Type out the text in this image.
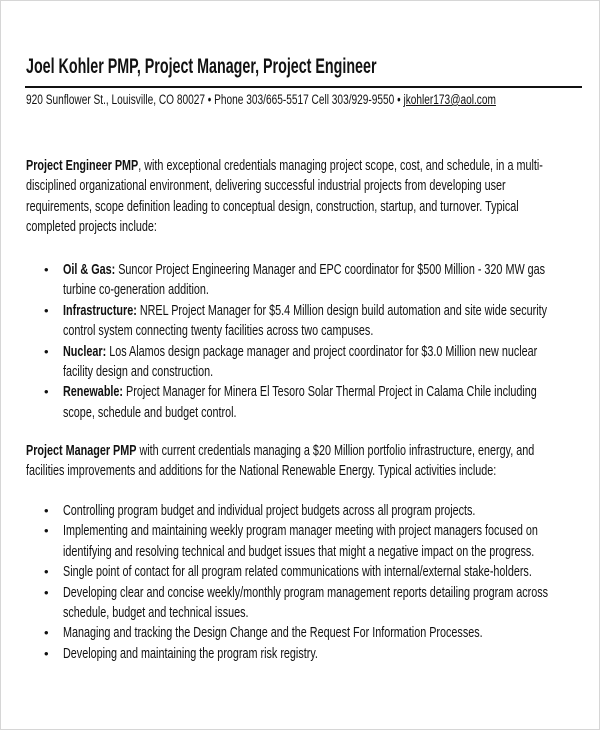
Joel Kohler PMP, Project Manager, Project Engineer
920 Sunflower St., Louisville, CO 80027 • Phone 303/665-5517 Cell 303/929-9550 • jkohler173@aol.com
Project Engineer PMP, with exceptional credentials managing project scope, cost, and schedule, in a multi-
disciplined organizational environment, delivering successful industrial projects from developing user
requirements, scope definition leading to conceptual design, construction, startup, and turnover. Typical
completed projects include:
• Oil & Gas: Suncor Project Engineering Manager and EPC coordinator for $500 Million - 320 MW gas
turbine co-generation addition.
• Infrastructure: NREL Project Manager for $5.4 Million design build automation and site wide security
control system connecting twenty facilities across two campuses.
• Nuclear: Los Alamos design package manager and project coordinator for $3.0 Million new nuclear
facility design and construction.
• Renewable: Project Manager for Minera El Tesoro Solar Thermal Project in Calama Chile including
scope, schedule and budget control.
Project Manager PMP with current credentials managing a $20 Million portfolio infrastructure, energy, and
facilities improvements and additions for the National Renewable Energy. Typical activities include:
• Controlling program budget and individual project budgets across all program projects.
• Implementing and maintaining weekly program manager meeting with project managers focused on
identifying and resolving technical and budget issues that might a negative impact on the progress.
• Single point of contact for all program related communications with internal/external stake-holders.
• Developing clear and concise weekly/monthly program management reports detailing program across
schedule, budget and technical issues.
• Managing and tracking the Design Change and the Request For Information Processes.
• Developing and maintaining the program risk registry.
